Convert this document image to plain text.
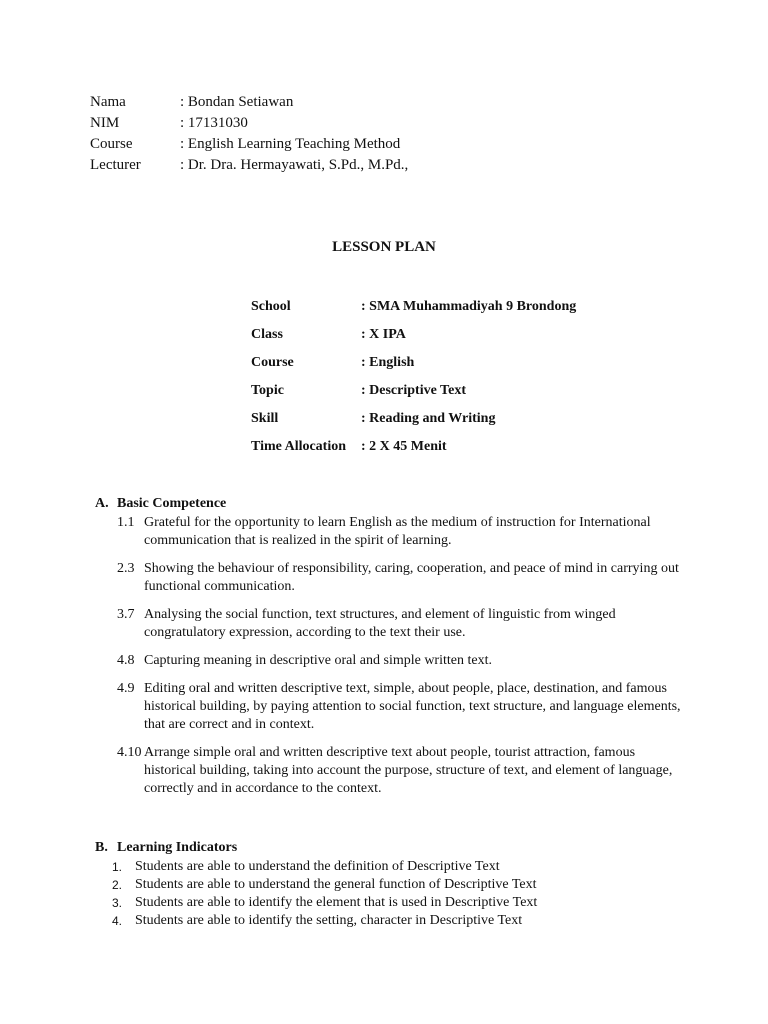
Nama	: Bondan Setiawan
NIM	: 17131030
Course	: English Learning Teaching Method
Lecturer	: Dr. Dra. Hermayawati, S.Pd., M.Pd.,
LESSON PLAN
School	: SMA Muhammadiyah 9 Brondong
Class	: X IPA
Course	: English
Topic	: Descriptive Text
Skill	: Reading and Writing
Time Allocation	: 2 X 45 Menit
A. Basic Competence
1.1 Grateful for the opportunity to learn English as the medium of instruction for International communication that is realized in the spirit of learning.
2.3 Showing the behaviour of responsibility, caring, cooperation, and peace of mind in carrying out functional communication.
3.7 Analysing the social function, text structures, and element of linguistic from winged congratulatory expression, according to the text their use.
4.8 Capturing meaning in descriptive oral and simple written text.
4.9 Editing oral and written descriptive text, simple, about people, place, destination, and famous historical building, by paying attention to social function, text structure, and language elements, that are correct and in context.
4.10 Arrange simple oral and written descriptive text about people, tourist attraction, famous historical building, taking into account the purpose, structure of text, and element of language, correctly and in accordance to the context.
B. Learning Indicators
1. Students are able to understand the definition of Descriptive Text
2. Students are able to understand the general function of Descriptive Text
3. Students are able to identify the element that is used in Descriptive Text
4. Students are able to identify the setting, character in Descriptive Text
